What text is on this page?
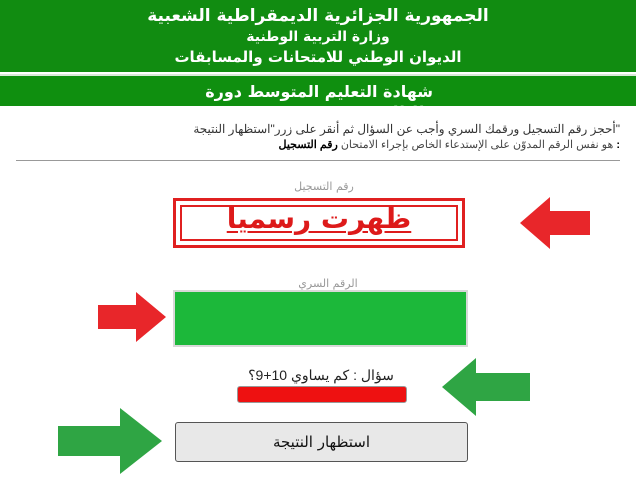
الجمهورية الجزائرية الديمقراطية الشعبية
وزارة التربية الوطنية
الديوان الوطني للامتحانات والمسابقات
شهادة التعليم المتوسط دورة ٢٠٢٠
أحجز رقم التسجيل ورقمك السري وأجب عن السؤال ثم أنقر على زرر"استظهار النتيجة"
هو نفس الرقم المدوّن على الإستدعاء الخاص بإجراء الامتحان رقم التسجيل :
رقم التسجيل
ظهرت رسميا
الرقم السري
سؤال : كم يساوي 10+9؟
استظهار النتيجة
